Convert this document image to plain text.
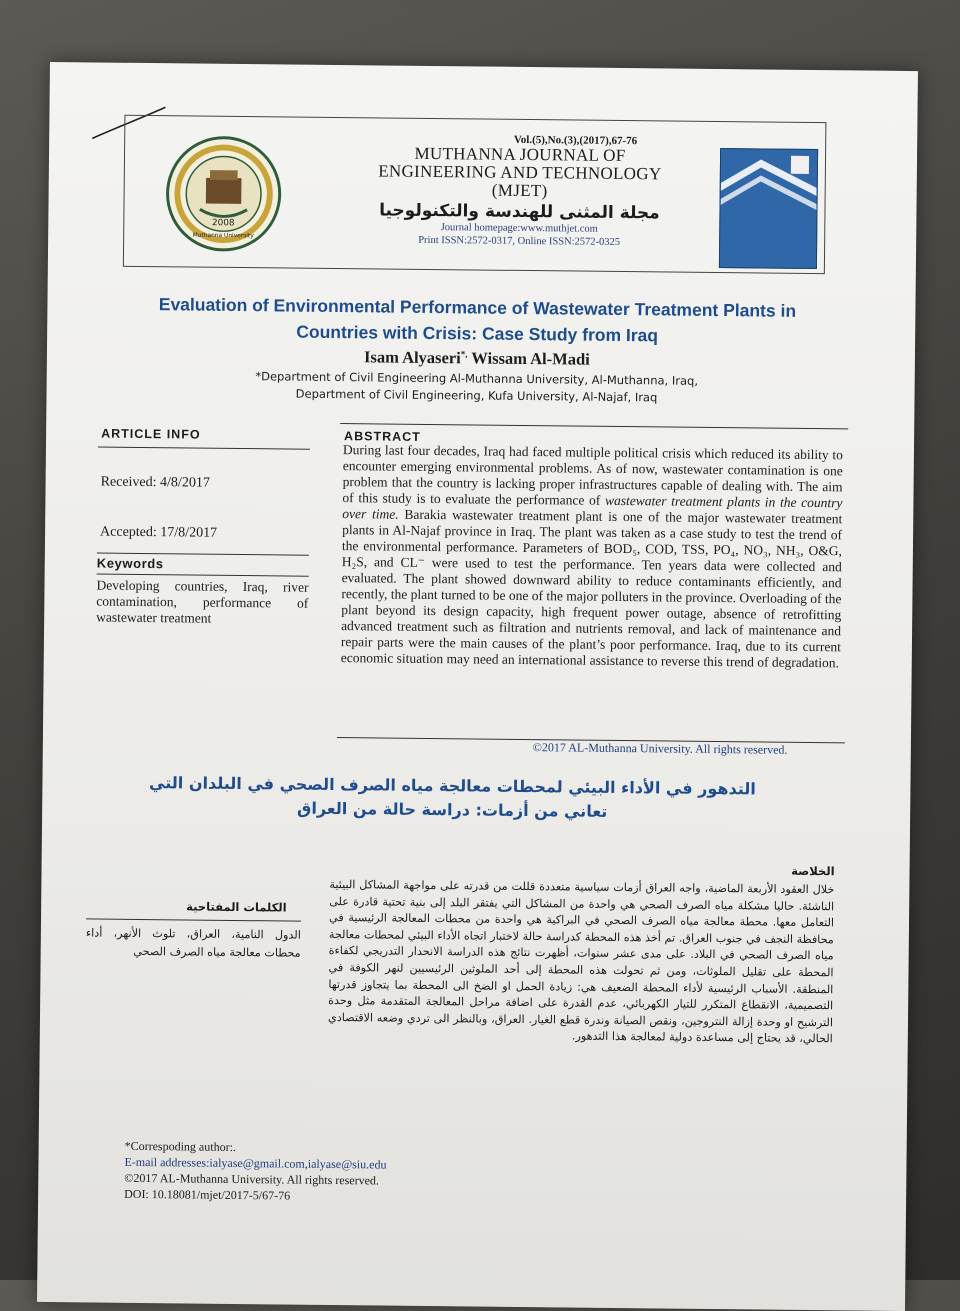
2008
Muthanna University
Vol.(5),No.(3),(2017),67-76
MUTHANNA JOURNAL OF
ENGINEERING AND TECHNOLOGY
(MJET)
مجلة المثنى للهندسة والتكنولوجيا
Journal homepage:www.muthjet.com
Print ISSN:2572-0317, Online ISSN:2572-0325
Evaluation of Environmental Performance of Wastewater Treatment Plants in
Countries with Crisis: Case Study from Iraq
Isam Alyaseri*, Wissam Al-Madi
*Department of Civil Engineering Al-Muthanna University, Al-Muthanna, Iraq,
Department of Civil Engineering, Kufa University, Al-Najaf, Iraq
ARTICLE INFO
Received: 4/8/2017
Accepted: 17/8/2017
Keywords
Developing countries, Iraq, river contamination, performance of wastewater treatment
ABSTRACT
During last four decades, Iraq had faced multiple political crisis which reduced its ability to encounter emerging environmental problems. As of now, wastewater contamination is one problem that the country is lacking proper infrastructures capable of dealing with. The aim of this study is to evaluate the performance of wastewater treatment plants in the country over time. Barakia wastewater treatment plant is one of the major wastewater treatment plants in Al-Najaf province in Iraq. The plant was taken as a case study to test the trend of the environmental performance. Parameters of BOD₅, COD, TSS, PO₄, NO₃, NH₃, O&G, H₂S, and CL⁻ were used to test the performance. Ten years data were collected and evaluated. The plant showed downward ability to reduce contaminants efficiently, and recently, the plant turned to be one of the major polluters in the province. Overloading of the plant beyond its design capacity, high frequent power outage, absence of retrofitting advanced treatment such as filtration and nutrients removal, and lack of maintenance and repair parts were the main causes of the plant’s poor performance. Iraq, due to its current economic situation may need an international assistance to reverse this trend of degradation.
©2017 AL-Muthanna University. All rights reserved.
التدهور في الأداء البيئي لمحطات معالجة مياه الصرف الصحي في البلدان التي تعاني من أزمات: دراسة حالة من العراق
الخلاصة
خلال العقود الأربعة الماضية، واجه العراق أزمات سياسية متعددة قللت من قدرته على مواجهة المشاكل البيئية الناشئة. حاليا مشكلة مياه الصرف الصحي هي واحدة من المشاكل التي يفتقر البلد إلى بنية تحتية قادرة على التعامل معها. محطة معالجة مياه الصرف الصحي في البراكية هي واحدة من محطات المعالجة الرئيسية في محافظة النجف في جنوب العراق. تم أخذ هذه المحطة كدراسة حالة لاختبار اتجاه الأداء البيئي لمحطات معالجة مياه الصرف الصحي في البلاد. على مدى عشر سنوات، أظهرت نتائج هذه الدراسة الانحدار التدريجي لكفاءة المحطة على تقليل الملوثات، ومن ثم تحولت هذه المحطة إلى أحد الملوثين الرئيسيين لنهر الكوفة في المنطقة. الأسباب الرئيسية لأداء المحطة الضعيف هي: زيادة الحمل او الضخ الى المحطة بما يتجاوز قدرتها التصميمية، الانقطاع المتكرر للتيار الكهربائي، عدم القدرة على اضافة مراحل المعالجة المتقدمة مثل وحدة الترشيح او وحدة إزالة النتروجين، ونقص الصيانة وندرة قطع الغيار. العراق، وبالنظر الى تردي وضعه الاقتصادي الحالي، قد يحتاج إلى مساعدة دولية لمعالجة هذا التدهور.
الكلمات المفتاحية
الدول النامية، العراق، تلوث الأنهر، أداء محطات معالجة مياه الصرف الصحي
*Correspoding author:.
E-mail addresses:ialyase@gmail.com,ialyase@siu.edu
©2017 AL-Muthanna University. All rights reserved.
DOI: 10.18081/mjet/2017-5/67-76
